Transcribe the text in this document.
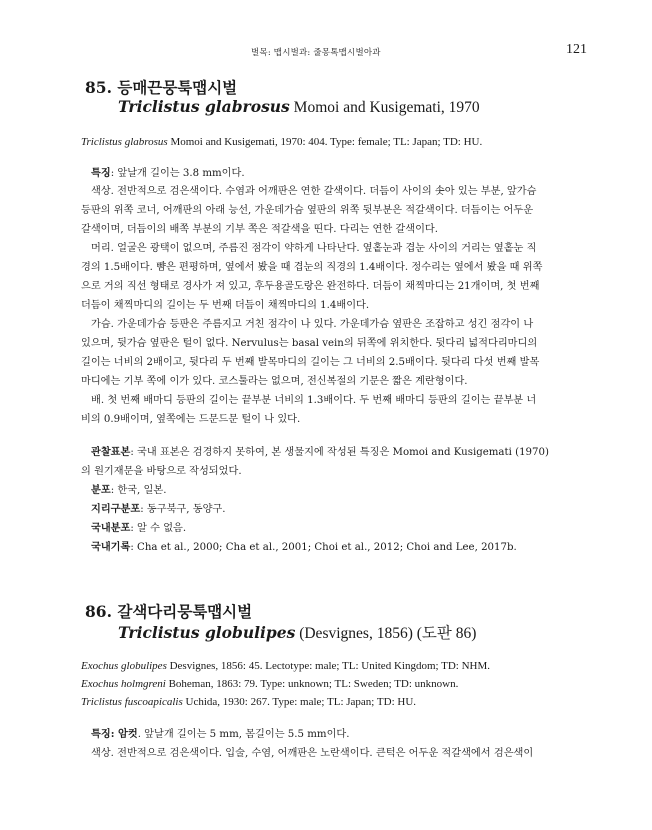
벌목: 맵시벌과: 줄몽톡맵시벌아과	121
85. 등매끈뭉툭맵시벌
Triclistus glabrosus Momoi and Kusigemati, 1970
Triclistus glabrosus Momoi and Kusigemati, 1970: 404. Type: female; TL: Japan; TD: HU.
특징: 앞날개 길이는 3.8 mm이다.
색상. 전반적으로 검은색이다. 수염과 어깨판은 연한 갈색이다. 더듬이 사이의 솟아 있는 부분, 앞가슴
등판의 위쪽 코너, 어깨판의 아래 능선, 가운데가슴 옆판의 위쪽 뒷부분은 적갈색이다. 더듬이는 어두운
갈색이며, 더듬이의 배쪽 부분의 기부 쪽은 적갈색을 띤다. 다리는 연한 갈색이다.
머리. 얼굴은 광택이 없으며, 주름진 점각이 약하게 나타난다. 옆홑눈과 겹눈 사이의 거리는 옆홑눈 직
경의 1.5배이다. 뺨은 편평하며, 옆에서 봤을 때 겹눈의 직경의 1.4배이다. 정수리는 옆에서 봤을 때 위쪽
으로 거의 직선 형태로 경사가 져 있고, 후두용골도랑은 완전하다. 더듬이 채찍마디는 21개이며, 첫 번째
더듬이 채찍마디의 길이는 두 번째 더듬이 채찍마디의 1.4배이다.
가슴. 가운데가슴 등판은 주름지고 거친 점각이 나 있다. 가운데가슴 옆판은 조잡하고 성긴 점각이 나
있으며, 뒷가슴 옆판은 털이 없다. Nervulus는 basal vein의 뒤쪽에 위치한다. 뒷다리 넓적다리마디의
길이는 너비의 2배이고, 뒷다리 두 번째 발목마디의 길이는 그 너비의 2.5배이다. 뒷다리 다섯 번째 발목
마디에는 기부 쪽에 이가 있다. 코스툴라는 없으며, 전신복절의 기문은 짧은 계란형이다.
배. 첫 번째 배마디 등판의 길이는 끝부분 너비의 1.3배이다. 두 번째 배마디 등판의 길이는 끝부분 너
비의 0.9배이며, 옆쪽에는 드문드문 털이 나 있다.
관찰표본: 국내 표본은 검경하지 못하여, 본 생물지에 작성된 특징은 Momoi and Kusigemati (1970)
의 원기재문을 바탕으로 작성되었다.
분포: 한국, 일본.
지리구분포: 동구북구, 동양구.
국내분포: 알 수 없음.
국내기록: Cha et al., 2000; Cha et al., 2001; Choi et al., 2012; Choi and Lee, 2017b.
86. 갈색다리뭉툭맵시벌
Triclistus globulipes (Desvignes, 1856) (도판 86)
Exochus globulipes Desvignes, 1856: 45. Lectotype: male; TL: United Kingdom; TD: NHM.
Exochus holmgreni Boheman, 1863: 79. Type: unknown; TL: Sweden; TD: unknown.
Triclistus fuscoapicalis Uchida, 1930: 267. Type: male; TL: Japan; TD: HU.
특징: 암컷. 앞날개 길이는 5 mm, 몸길이는 5.5 mm이다.
색상. 전반적으로 검은색이다. 입술, 수염, 어깨판은 노란색이다. 큰턱은 어두운 적갈색에서 검은색이
